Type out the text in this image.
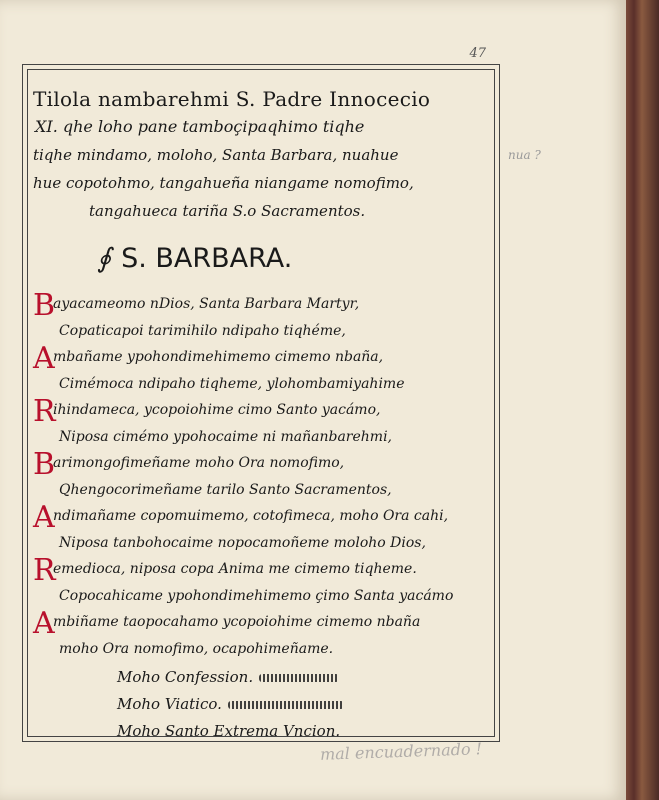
47
nua ?
Tilola nambarehmi S. Padre Innocecio
XI. qhe loho pane tamboçipaqhimo tiqhe
tiqhe mindamo, moloho, Santa Barbara, nuahue
hue copotohmo, tangahueña niangame nomofimo,
tangahueca tariña S.o Sacramentos.
∮ S. BARBARA.
B
ayacameomo nDios, Santa Barbara Martyr,
Copaticapoi tarimihilo ndipaho tiqhéme,
A
mbañame ypohondimehimemo cimemo nbaña,
Cimémoca ndipaho tiqheme, ylohombamiyahime
R
ihindameca, ycopoiohime cimo Santo yacámo,
Niposa cimémo ypohocaime ni mañanbarehmi,
B
arimongofimeñame moho Ora nomofimo,
Qhengocorimeñame tarilo Santo Sacramentos,
A
ndimañame copomuimemo, cotofimeca, moho Ora cahi,
Niposa tanbohocaime nopocamoñeme moloho Dios,
R
emedioca, niposa copa Anima me cimemo tiqheme.
Copocahicame ypohondimehimemo çimo Santa yacámo
A
mbiñame taopocahamo ycopoiohime cimemo nbaña
moho Ora nomofimo, ocapohimeñame.
Moho Confession.
Moho Viatico.
Moho Santo Extrema Vncion.
mal encuadernado !
